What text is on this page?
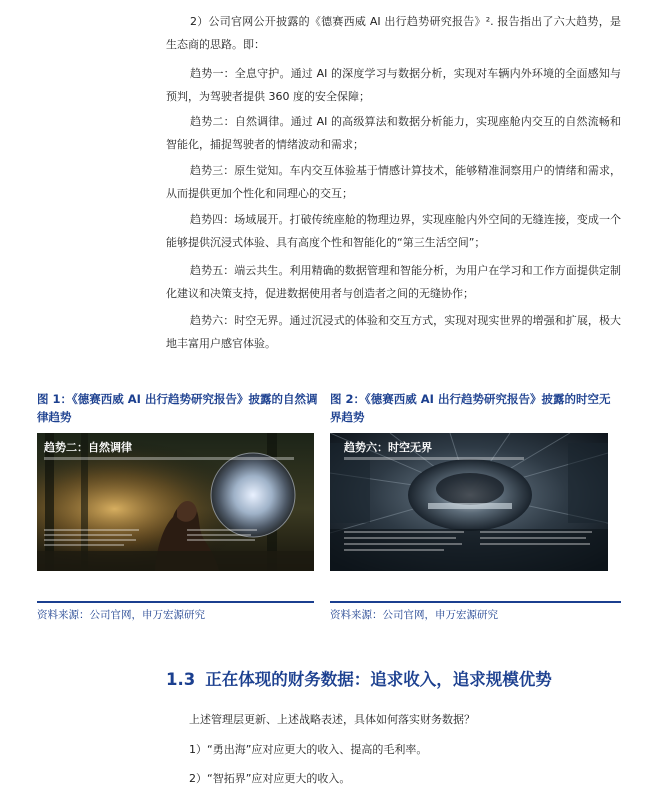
2）公司官网公开披露的《德赛西威 AI 出行趋势研究报告》². 报告指出了六大趋势，是生态商的思路。即：

趋势一：全息守护。通过 AI 的深度学习与数据分析，实现对车辆内外环境的全面感知与预判，为驾驶者提供 360 度的安全保障；

趋势二：自然调律。通过 AI 的高级算法和数据分析能力，实现座舱内交互的自然流畅和智能化，捕捉驾驶者的情绪波动和需求；

趋势三：原生觉知。车内交互体验基于情感计算技术，能够精准洞察用户的情绪和需求，从而提供更加个性化和同理心的交互；

趋势四：场域展开。打破传统座舱的物理边界，实现座舱内外空间的无缝连接，变成一个能够提供沉浸式体验、具有高度个性和智能化的“第三生活空间”；

趋势五：端云共生。利用精确的数据管理和智能分析，为用户在学习和工作方面提供定制化建议和决策支持，促进数据使用者与创造者之间的无缝协作；

趋势六：时空无界。通过沉浸式的体验和交互方式，实现对现实世界的增强和扩展，极大地丰富用户感官体验。

图 1：《德赛西威 AI 出行趋势研究报告》披露的自然调律趋势

趋势二：自然调律
资料来源：公司官网，申万宏源研究

图 2：《德赛西威 AI 出行趋势研究报告》披露的时空无界趋势

趋势六：时空无界
资料来源：公司官网，申万宏源研究
1.3 正在体现的财务数据：追求收入，追求规模优势
上述管理层更新、上述战略表述，具体如何落实财务数据？
1）“勇出海”应对应更大的收入、提高的毛利率。
2）“智拓界”应对应更大的收入。
